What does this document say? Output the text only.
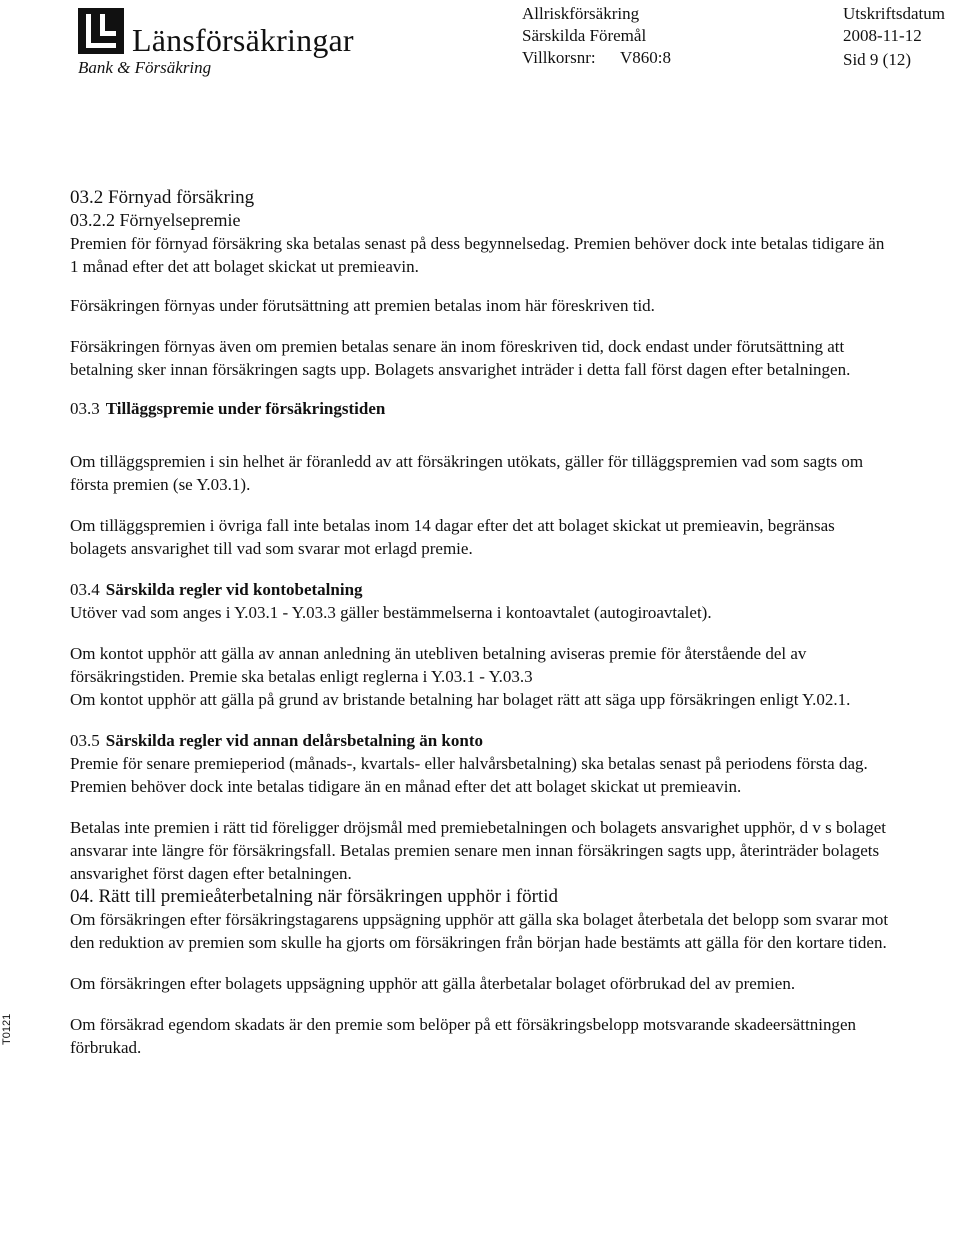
Länsförsäkringar
Bank & Försäkring
Allriskförsäkring
Särskilda Föremål
Villkorsnr: V860:8
Utskriftsdatum
2008-11-12
Sid 9 (12)
T0121

03.2 Förnyad försäkring

03.2.2 Förnyelsepremie

Premien för förnyad försäkring ska betalas senast på dess begynnelsedag. Premien behöver dock inte betalas tidigare än 1 månad efter det att bolaget skickat ut premieavin.

Försäkringen förnyas under förutsättning att premien betalas inom här föreskriven tid.

Försäkringen förnyas även om premien betalas senare än inom föreskriven tid, dock endast under förutsättning att betalning sker innan försäkringen sagts upp. Bolagets ansvarighet inträder i detta fall först dagen efter betalningen.

03.3 Tilläggspremie under försäkringstiden

Om tilläggspremien i sin helhet är föranledd av att försäkringen utökats, gäller för tilläggspremien vad som sagts om första premien (se Y.03.1).

Om tilläggspremien i övriga fall inte betalas inom 14 dagar efter det att bolaget skickat ut premieavin, begränsas bolagets ansvarighet till vad som svarar mot erlagd premie.

03.4 Särskilda regler vid kontobetalning

Utöver vad som anges i Y.03.1 - Y.03.3 gäller bestämmelserna i kontoavtalet (autogiroavtalet).

Om kontot upphör att gälla av annan anledning än utebliven betalning aviseras premie för återstående del av försäkringstiden. Premie ska betalas enligt reglerna i Y.03.1 - Y.03.3

Om kontot upphör att gälla på grund av bristande betalning har bolaget rätt att säga upp försäkringen enligt Y.02.1.

03.5 Särskilda regler vid annan delårsbetalning än konto

Premie för senare premieperiod (månads-, kvartals- eller halvårsbetalning) ska betalas senast på periodens första dag. Premien behöver dock inte betalas tidigare än en månad efter det att bolaget skickat ut premieavin.

Betalas inte premien i rätt tid föreligger dröjsmål med premiebetalningen och bolagets ansvarighet upphör, d v s bolaget ansvarar inte längre för försäkringsfall. Betalas premien senare men innan försäkringen sagts upp, återinträder bolagets ansvarighet först dagen efter betalningen.

04. Rätt till premieåterbetalning när försäkringen upphör i förtid

Om försäkringen efter försäkringstagarens uppsägning upphör att gälla ska bolaget återbetala det belopp som svarar mot den reduktion av premien som skulle ha gjorts om försäkringen från början hade bestämts att gälla för den kortare tiden.

Om försäkringen efter bolagets uppsägning upphör att gälla återbetalar bolaget oförbrukad del av premien.

Om försäkrad egendom skadats är den premie som belöper på ett försäkringsbelopp motsvarande skadeersättningen förbrukad.
